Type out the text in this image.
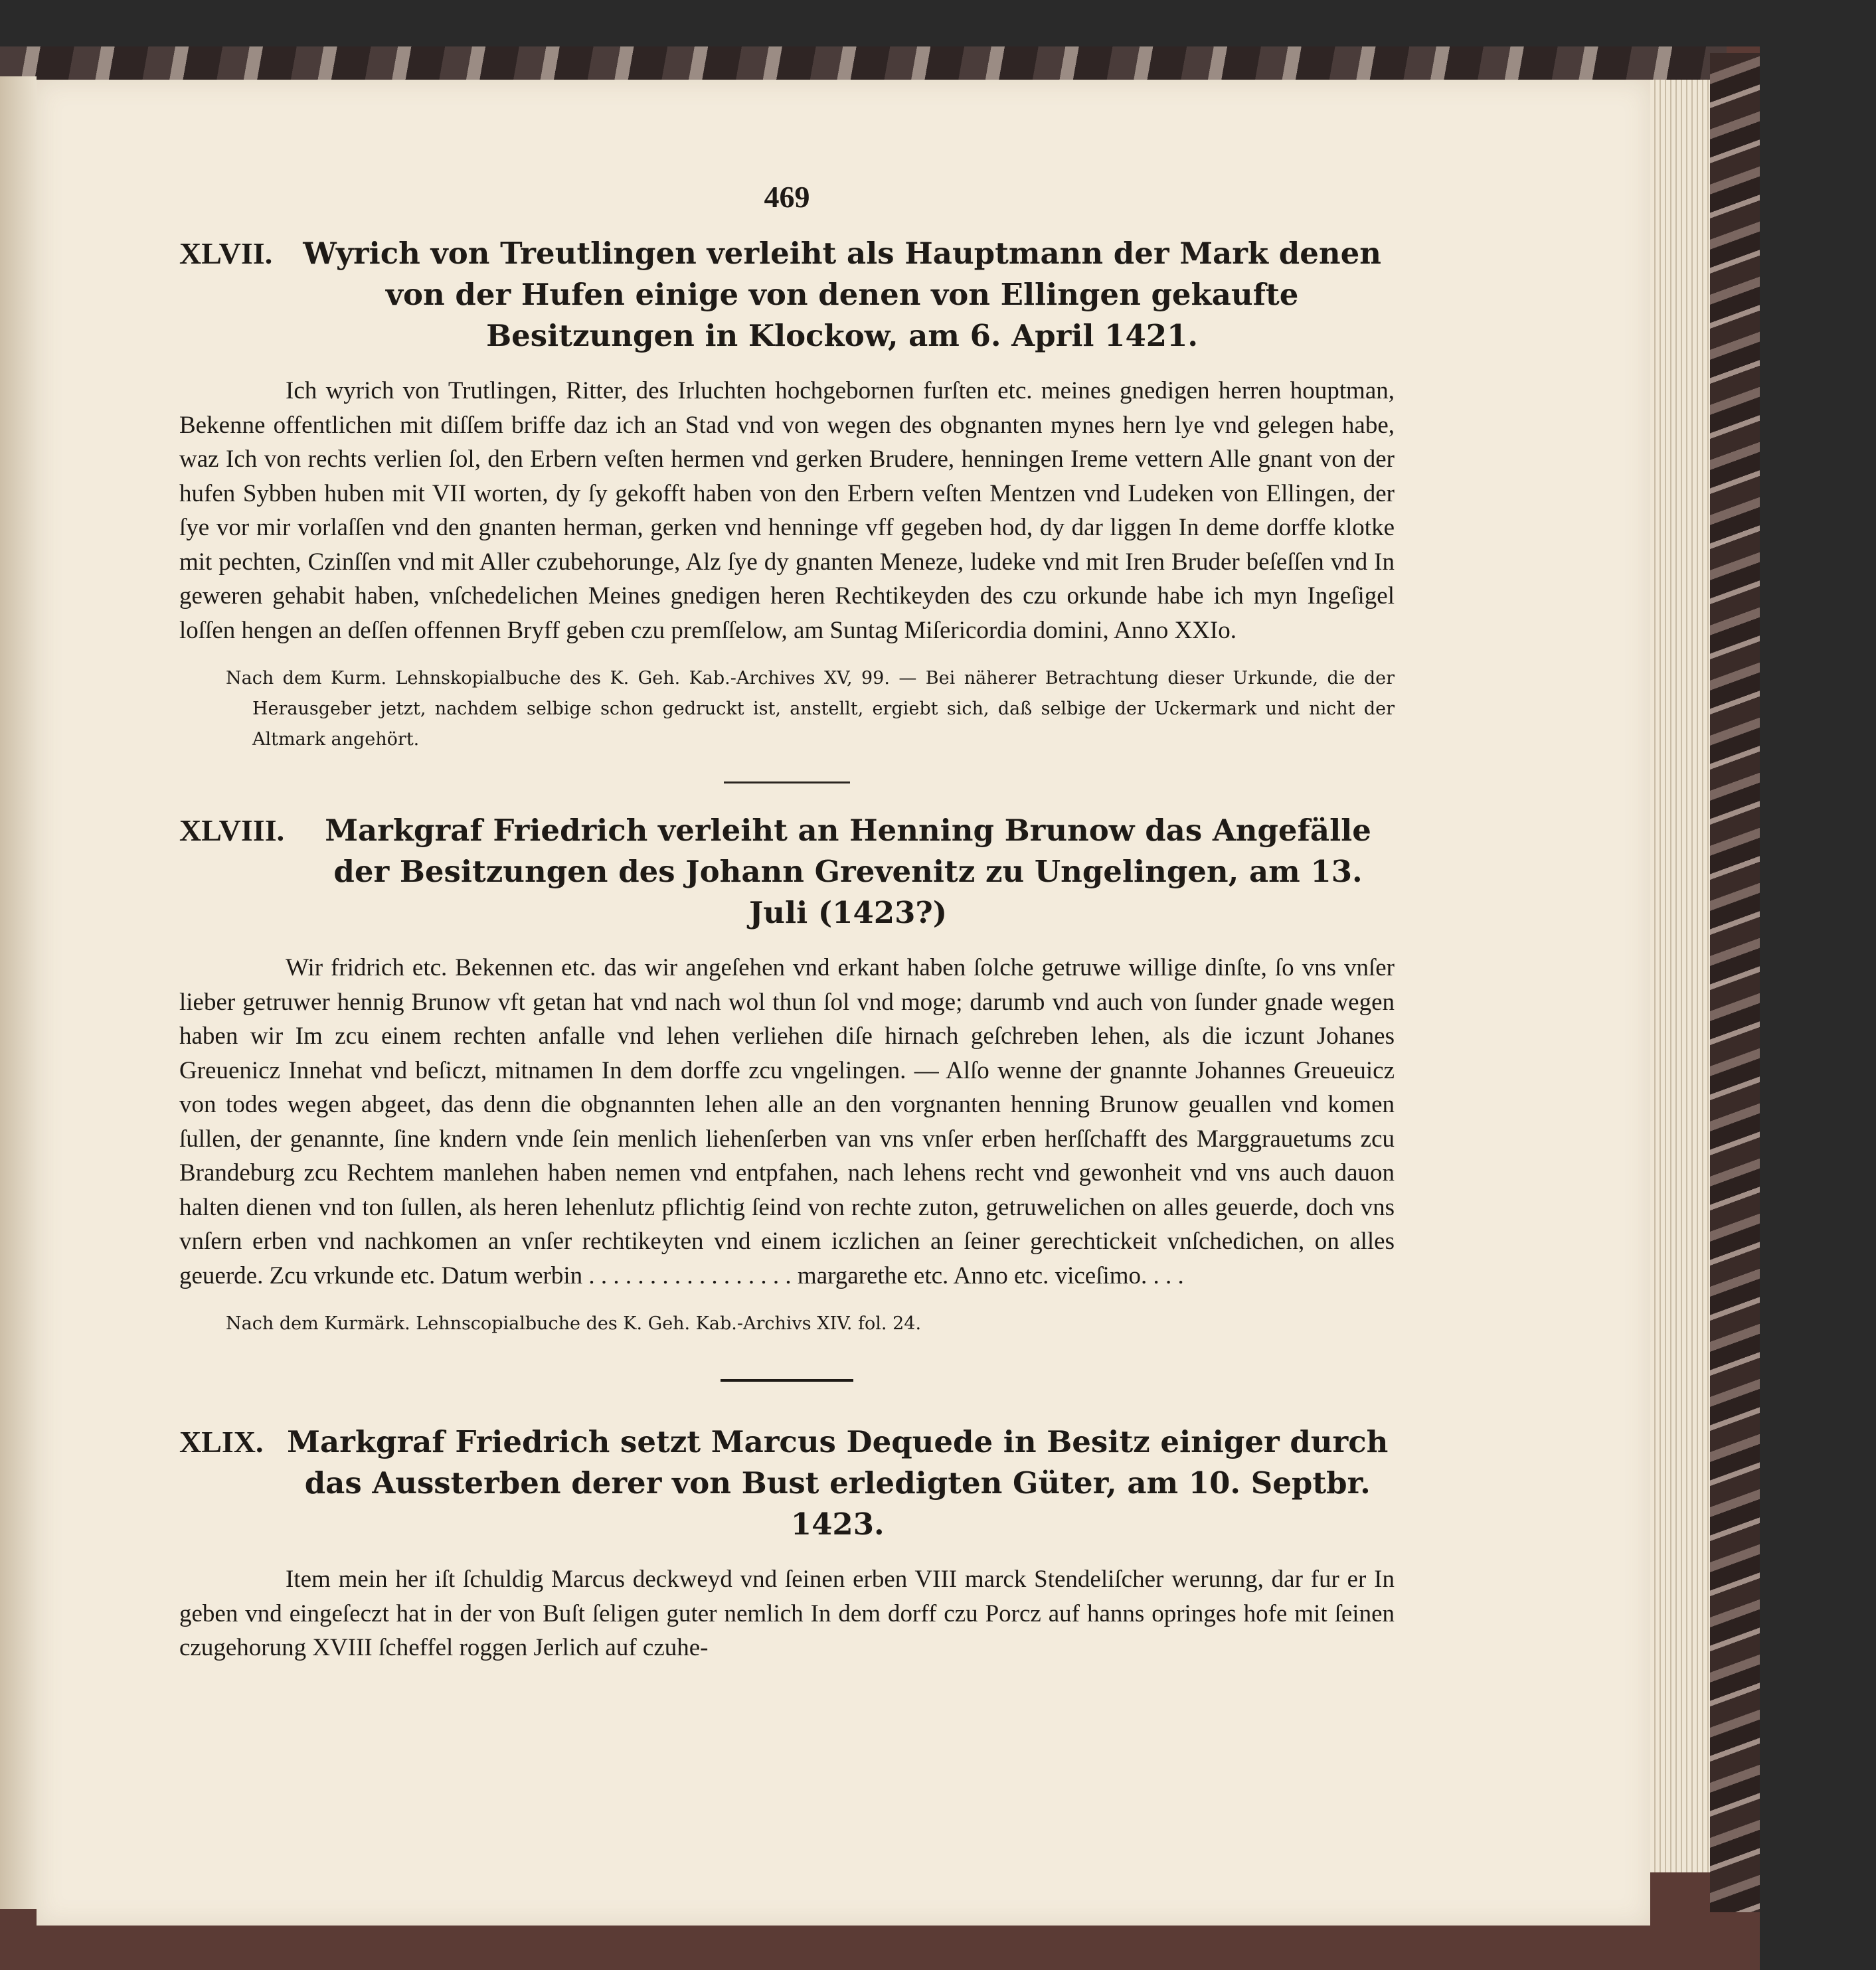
469
XLVII.	Wyrich von Treutlingen verleiht als Hauptmann der Mark denen von der Hufen einige von denen von Ellingen gekaufte Besitzungen in Klockow, am 6. April 1421.

Ich wyrich von Trutlingen, Ritter, des Irluchten hochgebornen furſten etc. meines gnedigen herren houptman, Bekenne offentlichen mit diſſem briffe daz ich an Stad vnd von wegen des obgnanten mynes hern lye vnd gelegen habe, waz Ich von rechts verlien ſol, den Erbern veſten hermen vnd gerken Brudere, henningen Ireme vettern Alle gnant von der hufen Sybben huben mit VII worten, dy ſy gekofft haben von den Erbern veſten Mentzen vnd Ludeken von Ellingen, der ſye vor mir vorlaſſen vnd den gnanten herman, gerken vnd henninge vff gegeben hod, dy dar liggen In deme dorffe klotke mit pechten, Czinſſen vnd mit Aller czubehorunge, Alz ſye dy gnanten Meneze, ludeke vnd mit Iren Bruder beſeſſen vnd In geweren gehabit haben, vnſchedelichen Meines gnedigen heren Rechtikeyden des czu orkunde habe ich myn Ingeſigel loſſen hengen an deſſen offennen Bryff geben czu premſſelow, am Suntag Miſericordia domini, Anno XXIo.

Nach dem Kurm. Lehnskopialbuche des K. Geh. Kab.-Archives XV, 99. — Bei näherer Betrachtung dieser Urkunde, die der Herausgeber jetzt, nachdem selbige schon gedruckt ist, anstellt, ergiebt sich, daß selbige der Uckermark und nicht der Altmark angehört.
XLVIII.	Markgraf Friedrich verleiht an Henning Brunow das Angefälle der Besitzungen des Johann Grevenitz zu Ungelingen, am 13. Juli (1423?)

Wir fridrich etc. Bekennen etc. das wir angeſehen vnd erkant haben ſolche getruwe willige dinſte, ſo vns vnſer lieber getruwer hennig Brunow vft getan hat vnd nach wol thun ſol vnd moge; darumb vnd auch von ſunder gnade wegen haben wir Im zcu einem rechten anfalle vnd lehen verliehen diſe hirnach geſchreben lehen, als die iczunt Johanes Greuenicz Innehat vnd beſiczt, mitnamen In dem dorffe zcu vngelingen. — Alſo wenne der gnannte Johannes Greueuicz von todes wegen abgeet, das denn die obgnannten lehen alle an den vorgnanten henning Brunow geuallen vnd komen ſullen, der genannte, ſine kndern vnde ſein menlich liehenſerben van vns vnſer erben herſſchafft des Marggrauetums zcu Brandeburg zcu Rechtem manlehen haben nemen vnd entpfahen, nach lehens recht vnd gewonheit vnd vns auch dauon halten dienen vnd ton ſullen, als heren lehenlutz pflichtig ſeind von rechte zuton, getruwelichen on alles geuerde, doch vns vnſern erben vnd nachkomen an vnſer rechtikeyten vnd einem iczlichen an ſeiner gerechtickeit vnſchedichen, on alles geuerde. Zcu vrkunde etc. Datum werbin . . . . . . . . . . . . . . . . . margarethe etc. Anno etc. viceſimo. . . .

Nach dem Kurmärk. Lehnscopialbuche des K. Geh. Kab.-Archivs XIV. fol. 24.
XLIX. Markgraf Friedrich setzt Marcus Dequede in Besitz einiger durch das Aussterben derer von Bust erledigten Güter, am 10. Septbr. 1423.

Item mein her iſt ſchuldig Marcus deckweyd vnd ſeinen erben VIII marck Stendeliſcher werunng, dar fur er In geben vnd eingeſeczt hat in der von Buſt ſeligen guter nemlich In dem dorff czu Porcz auf hanns opringes hofe mit ſeinen czugehorung XVIII ſcheffel roggen Jerlich auf czuhe-
